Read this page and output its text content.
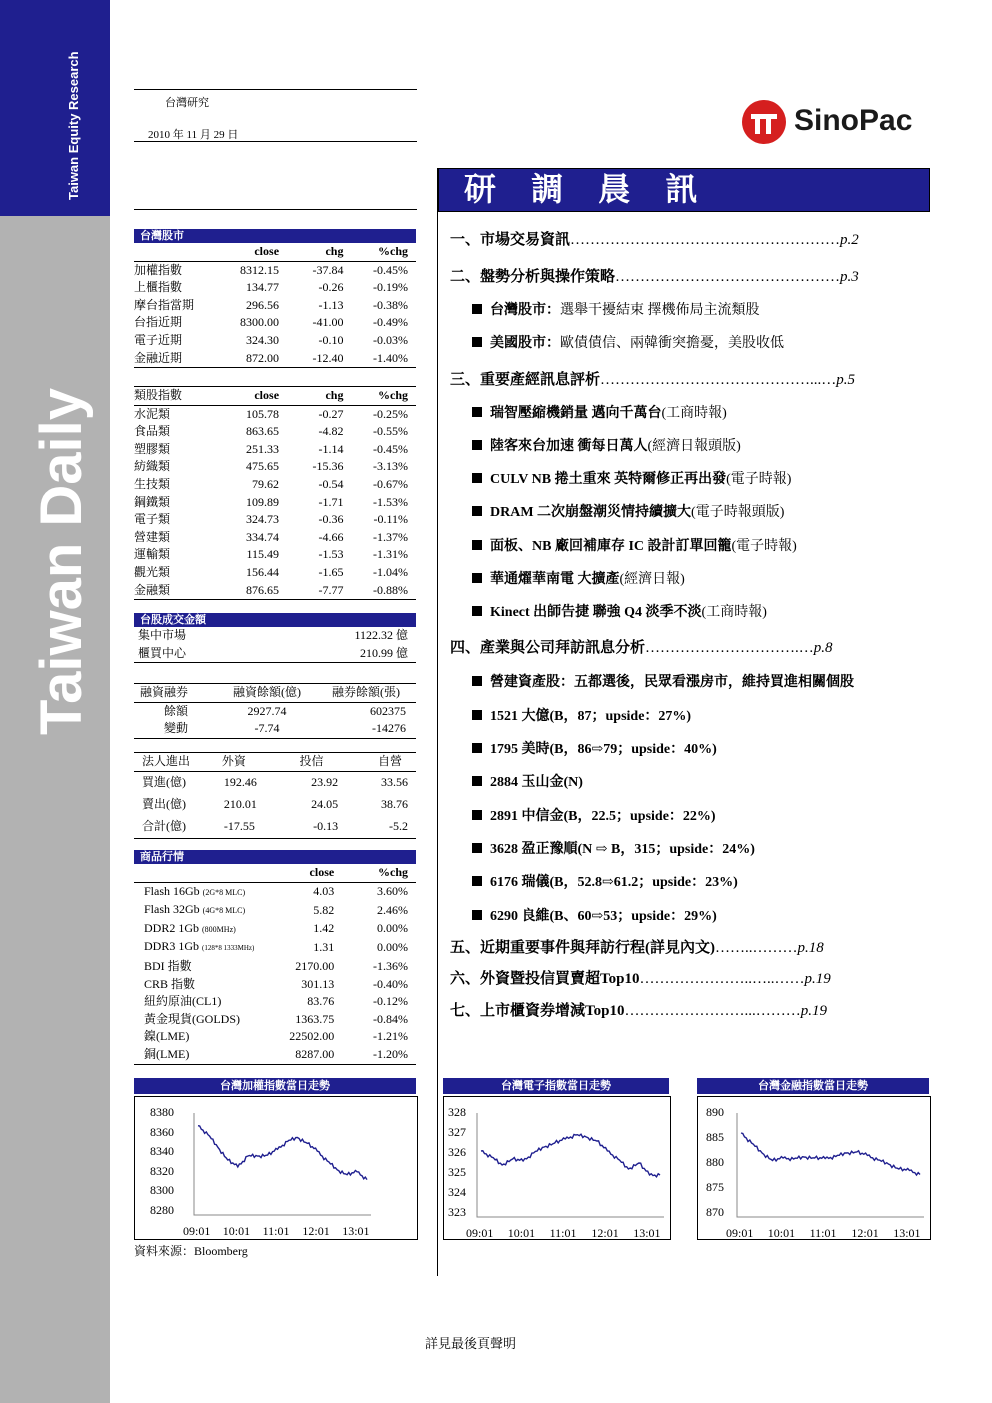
Taiwan Equity Research
Taiwan Daily
台灣研究
2010 年 11 月 29 日	SinoPac
研 調 晨 訊
台灣股市
	close	chg	%chg
加權指數	8312.15	-37.84	-0.45%
上櫃指數	134.77	-0.26	-0.19%
摩台指當期	296.56	-1.13	-0.38%
台指近期	8300.00	-41.00	-0.49%
電子近期	324.30	-0.10	-0.03%
金融近期	872.00	-12.40	-1.40%
類股指數	close	chg	%chg
水泥類	105.78	-0.27	-0.25%
食品類	863.65	-4.82	-0.55%
塑膠類	251.33	-1.14	-0.45%
紡織類	475.65	-15.36	-3.13%
生技類	79.62	-0.54	-0.67%
鋼鐵類	109.89	-1.71	-1.53%
電子類	324.73	-0.36	-0.11%
營建類	334.74	-4.66	-1.37%
運輸類	115.49	-1.53	-1.31%
觀光類	156.44	-1.65	-1.04%
金融類	876.65	-7.77	-0.88%
台股成交金額
集中市場	1122.32 億
櫃買中心	210.99 億
融資融券	融資餘額(億)	融券餘額(張)
餘額	2927.74	602375
變動	-7.74	-14276
法人進出	外資	投信	自營
買進(億)	192.46	23.92	33.56
賣出(億)	210.01	24.05	38.76
合計(億)	-17.55	-0.13	-5.2
商品行情
	close	%chg
Flash 16Gb (2G*8 MLC)	4.03	3.60%
Flash 32Gb (4G*8 MLC)	5.82	2.46%
DDR2 1Gb (800MHz)	1.42	0.00%
DDR3 1Gb (128*8 1333MHz)	1.31	0.00%
BDI 指數	2170.00	-1.36%
CRB 指數	301.13	-0.40%
紐約原油(CL1)	83.76	-0.12%
黃金現貨(GOLDS)	1363.75	-0.84%
鎳(LME)	22502.00	-1.21%
銅(LME)	8287.00	-1.20%
一、市場交易資訊………………………………………………p.2
二、盤勢分析與操作策略………………………………………p.3
台灣股市：選舉干擾結束 擇機佈局主流類股
美國股市：歐債債信、兩韓衝突擔憂，美股收低
三、重要產經訊息評析……………………………………...…p.5
瑞智壓縮機銷量 邁向千萬台(工商時報)
陸客來台加速 衝每日萬人(經濟日報頭版)
CULV NB 捲土重來 英特爾修正再出發(電子時報)
DRAM 二次崩盤潮災情持續擴大(電子時報頭版)
面板、NB 廠回補庫存 IC 設計訂單回籠(電子時報)
華通燿華南電 大擴產(經濟日報)
Kinect 出師告捷 聯強 Q4 淡季不淡(工商時報)
四、產業與公司拜訪訊息分析………………………….…p.8
營建資產股：五都選後，民眾看漲房市，維持買進相關個股
1521 大億(B，87；upside：27%)
1795 美時(B，86⇨79；upside：40%)
2884 玉山金(N)
2891 中信金(B，22.5；upside：22%)
3628 盈正豫順(N ⇨ B，315；upside：24%)
6176 瑞儀(B，52.8⇨61.2；upside：23%)
6290 良維(B、60⇨53；upside：29%)
五、近期重要事件與拜訪行程(詳見內文)……..………p.18
六、外資暨投信買賣超Top10…………………..…..……p.19
七、上市櫃資券增減Top10……………………...………p.19
台灣加權指數當日走勢	台灣電子指數當日走勢	台灣金融指數當日走勢
8380
8360
8340
8320
8300
8280
09:01 10:01 11:01 12:01 13:01
328
327
326
325
324
323
09:01 10:01 11:01 12:01 13:01
890
885
880
875
870
09:01 10:01 11:01 12:01 13:01
資料來源：Bloomberg
詳見最後頁聲明
